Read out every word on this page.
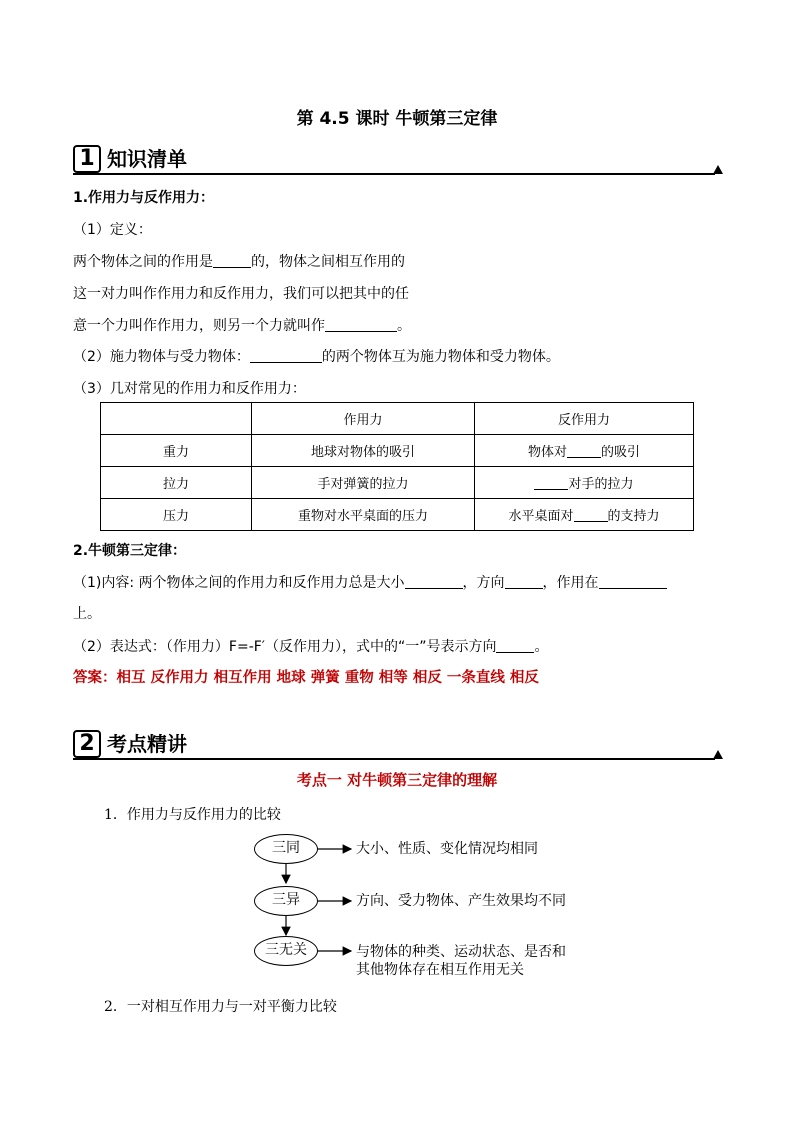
第 4.5 课时 牛顿第三定律
1 知识清单
1.作用力与反作用力：
（1）定义：
两个物体之间的作用是	的，物体之间相互作用的
这一对力叫作作用力和反作用力，我们可以把其中的任
意一个力叫作作用力，则另一个力就叫作	。
（2）施力物体与受力物体：	的两个物体互为施力物体和受力物体。
（3）几对常见的作用力和反作用力：
	作用力	反作用力
重力	地球对物体的吸引	物体对 的吸引
拉力	手对弹簧的拉力	对手的拉力
压力	重物对水平桌面的压力	水平桌面对 的支持力
2.牛顿第三定律：
（1)内容: 两个物体之间的作用力和反作用力总是大小	，方向	，作用在
上。
（2）表达式：（作用力）F=-F′（反作用力），式中的“一”号表示方向	。
答案：相互 反作用力 相互作用 地球 弹簧 重物 相等 相反 一条直线 相反
2 考点精讲
考点一 对牛顿第三定律的理解
1．作用力与反作用力的比较
三同
三异
三无关
大小、性质、变化情况均相同
方向、受力物体、产生效果均不同
与物体的种类、运动状态、是否和
其他物体存在相互作用无关
2．一对相互作用力与一对平衡力比较
